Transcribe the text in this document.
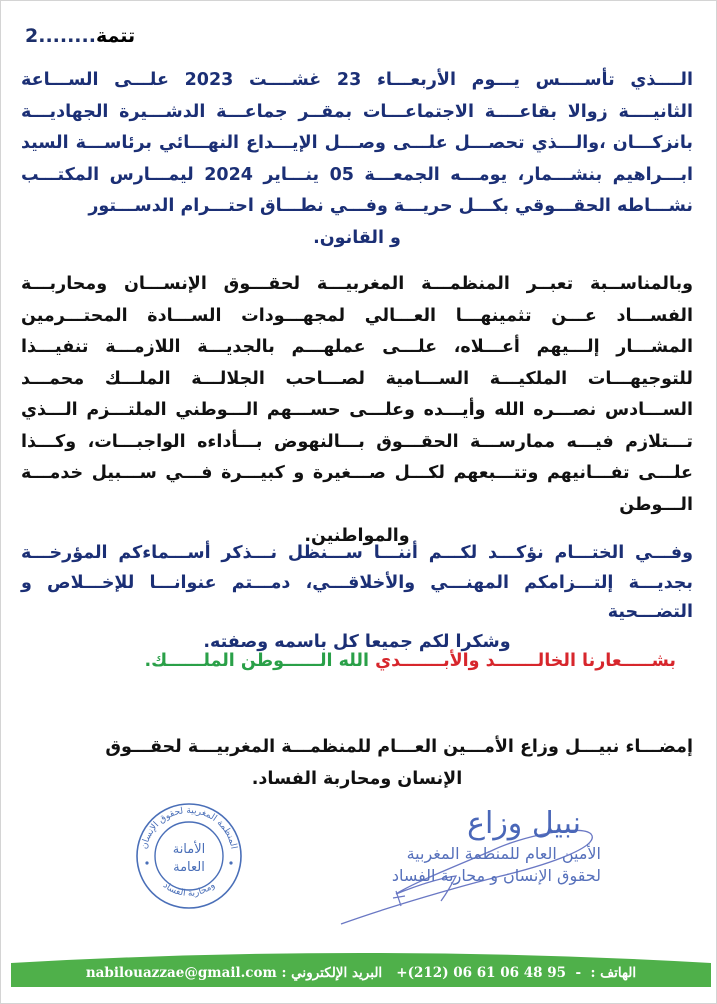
2........تتمة
الــــذي تأســــس يـــوم الأربعـــاء 23 غشــــت 2023 علـــى الســـاعة الثانيــــة زوالا بقاعــــة الاجتماعـــات بمقــر جماعـــة الدشـــيرة الجهاديـــة بانزكـــان ،والـــذي تحصـــل علـــى وصـــل الإيـــداع النهـــائي برئاســـة السيد ابـــراهيم بنشـــمار، يومـــه الجمعـــة 05 ينـــاير 2024 ليمـــارس المكتـــب نشـــاطه الحقـــوقي بكـــل حريـــة وفـــي نطـــاق احتـــرام الدســـتور
و القانون.
وبالمناســبة تعبــر المنظمـــة المغربيـــة لحقـــوق الإنســـان ومحاربـــة الفســـاد عـــن تثمينهـــا العـــالي لمجهـــودات الســـادة المحتـــرمين المشـــار إلـــيهم أعـــلاه، علـــى عملهـــم بالجديـــة اللازمـــة تنفيـــذا للتوجيهـــات الملكيـــة الســـامية لصـــاحب الجلالـــة الملـــك محمـــد الســـادس نصـــره الله وأيـــده وعلـــى حســـهم الـــوطني الملتـــزم الـــذي تـــتلازم فيـــه ممارســـة الحقـــوق بـــالنهوض بـــأداءه الواجبـــات، وكـــذا علـــى تفـــانيهم وتتـــبعهم لكـــل صـــغيرة و كبيـــرة فـــي ســـبيل خدمـــة الـــوطن
والمواطنين.
وفـــي الختـــام نؤكـــد لكـــم أننـــا ســـنظل نـــذكر أســـماءكم المؤرخـــة بجديـــة إلتـــزامكم المهنـــي والأخلاقـــي، دمـــتم عنوانـــا للإخـــلاص و التضـــحية
وشكرا لكم جميعا كل باسمه وصفته.
بشـــــعارنا الخالـــــــد والأبـــــــدي الله الــــــوطن الملــــــك.
إمضـــاء نبيـــل وزاع الأمـــين العـــام للمنظمـــة المغربيـــة لحقـــوق
الإنسان ومحاربة الفساد.
المنظمة المغربية لحقوق الإنسان
ومحاربة الفساد
الأمانة
العامة
نبيل وزاع
الأمين العام للمنظمة المغربية
لحقوق الإنسان و محاربة الفساد
nabilouazzae@gmail.com البريد الإلكتروني : 95 48 06 61 06 (212)+ - الهاتف :
